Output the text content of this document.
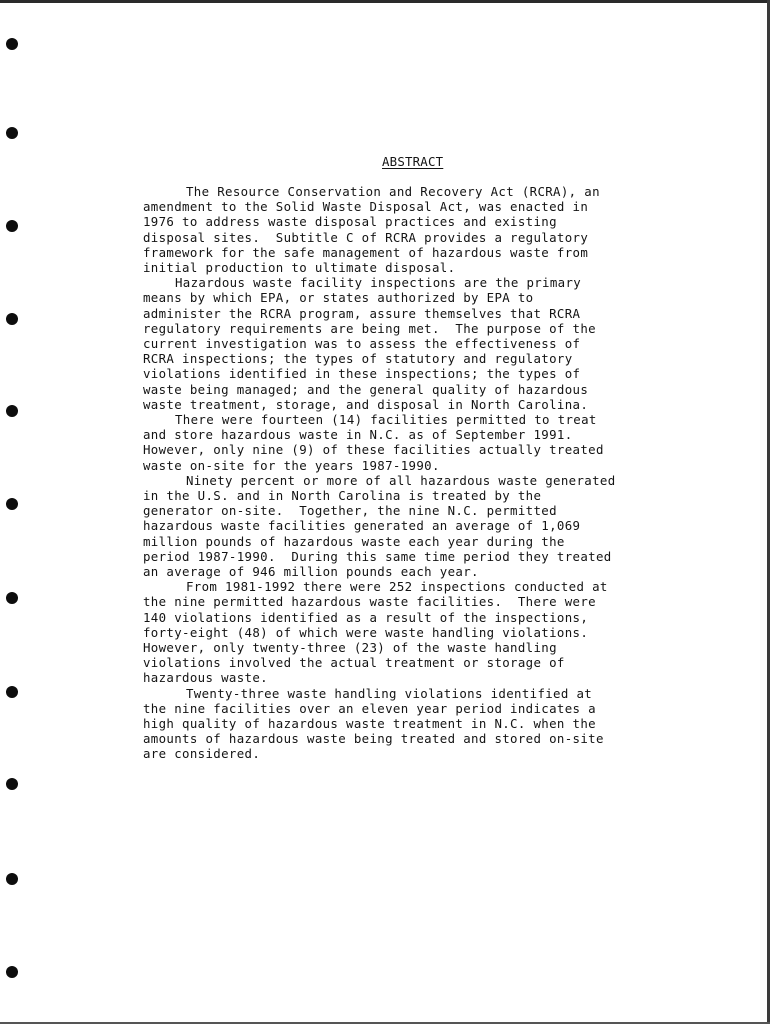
ABSTRACT
The Resource Conservation and Recovery Act (RCRA), an
amendment to the Solid Waste Disposal Act, was enacted in
1976 to address waste disposal practices and existing
disposal sites.  Subtitle C of RCRA provides a regulatory
framework for the safe management of hazardous waste from
initial production to ultimate disposal.
Hazardous waste facility inspections are the primary
means by which EPA, or states authorized by EPA to
administer the RCRA program, assure themselves that RCRA
regulatory requirements are being met.  The purpose of the
current investigation was to assess the effectiveness of
RCRA inspections; the types of statutory and regulatory
violations identified in these inspections; the types of
waste being managed; and the general quality of hazardous
waste treatment, storage, and disposal in North Carolina.
There were fourteen (14) facilities permitted to treat
and store hazardous waste in N.C. as of September 1991.
However, only nine (9) of these facilities actually treated
waste on-site for the years 1987-1990.
Ninety percent or more of all hazardous waste generated
in the U.S. and in North Carolina is treated by the
generator on-site.  Together, the nine N.C. permitted
hazardous waste facilities generated an average of 1,069
million pounds of hazardous waste each year during the
period 1987-1990.  During this same time period they treated
an average of 946 million pounds each year.
From 1981-1992 there were 252 inspections conducted at
the nine permitted hazardous waste facilities.  There were
140 violations identified as a result of the inspections,
forty-eight (48) of which were waste handling violations.
However, only twenty-three (23) of the waste handling
violations involved the actual treatment or storage of
hazardous waste.
Twenty-three waste handling violations identified at
the nine facilities over an eleven year period indicates a
high quality of hazardous waste treatment in N.C. when the
amounts of hazardous waste being treated and stored on-site
are considered.
